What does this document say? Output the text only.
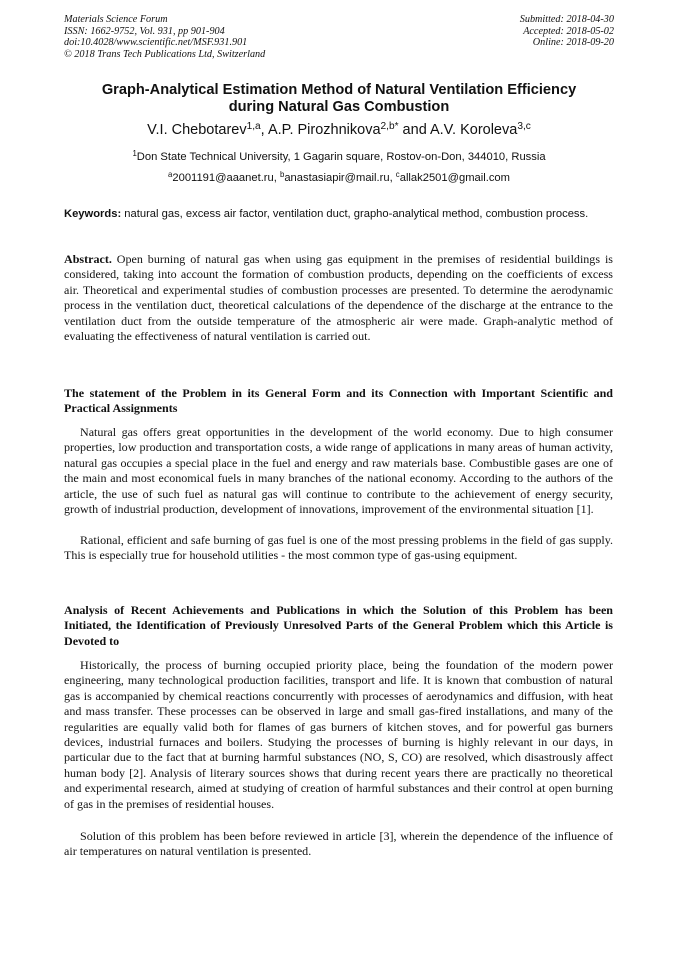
Materials Science Forum
ISSN: 1662-9752, Vol. 931, pp 901-904
doi:10.4028/www.scientific.net/MSF.931.901
© 2018 Trans Tech Publications Ltd, Switzerland
Submitted: 2018-04-30
Accepted: 2018-05-02
Online: 2018-09-20
Graph-Analytical Estimation Method of Natural Ventilation Efficiency
during Natural Gas Combustion
V.I. Chebotarev$^{1,a}$, A.P. Pirozhnikova$^{2,b*}$ and A.V. Koroleva$^{3,c}$
$^1$Don State Technical University, 1 Gagarin square, Rostov-on-Don, 344010, Russia
$^a$2001191@aaanet.ru, $^b$anastasiapir@mail.ru, $^c$allak2501@gmail.com
Keywords: natural gas, excess air factor, ventilation duct, grapho-analytical method, combustion process.
Abstract. Open burning of natural gas when using gas equipment in the premises of residential buildings is considered, taking into account the formation of combustion products, depending on the coefficients of excess air. Theoretical and experimental studies of combustion processes are presented. To determine the aerodynamic process in the ventilation duct, theoretical calculations of the dependence of the discharge at the entrance to the ventilation duct from the outside temperature of the atmospheric air were made. Graph-analytic method of evaluating the effectiveness of natural ventilation is carried out.
The statement of the Problem in its General Form and its Connection with Important Scientific and Practical Assignments

Natural gas offers great opportunities in the development of the world economy. Due to high consumer properties, low production and transportation costs, a wide range of applications in many areas of human activity, natural gas occupies a special place in the fuel and energy and raw materials base. Combustible gases are one of the main and most economical fuels in many branches of the national economy. According to the authors of the article, the use of such fuel as natural gas will continue to contribute to the achievement of energy security, growth of industrial production, development of innovations, improvement of the environmental situation [1].

Rational, efficient and safe burning of gas fuel is one of the most pressing problems in the field of gas supply. This is especially true for household utilities - the most common type of gas-using equipment.

Analysis of Recent Achievements and Publications in which the Solution of this Problem has been Initiated, the Identification of Previously Unresolved Parts of the General Problem which this Article is Devoted to

Historically, the process of burning occupied priority place, being the foundation of the modern power engineering, many technological production facilities, transport and life. It is known that combustion of natural gas is accompanied by chemical reactions concurrently with processes of aerodynamics and diffusion, with heat and mass transfer. These processes can be observed in large and small gas-fired installations, and many of the regularities are equally valid both for flames of gas burners of kitchen stoves, and for powerful gas burners devices, industrial furnaces and boilers. Studying the processes of burning is highly relevant in our days, in particular due to the fact that at burning harmful substances (NO, S, CO) are resolved, which disastrously affect human body [2]. Analysis of literary sources shows that during recent years there are practically no theoretical and experimental research, aimed at studying of creation of harmful substances and their control at open burning of gas in the premises of residential houses.

Solution of this problem has been before reviewed in article [3], wherein the dependence of the influence of air temperatures on natural ventilation is presented.
